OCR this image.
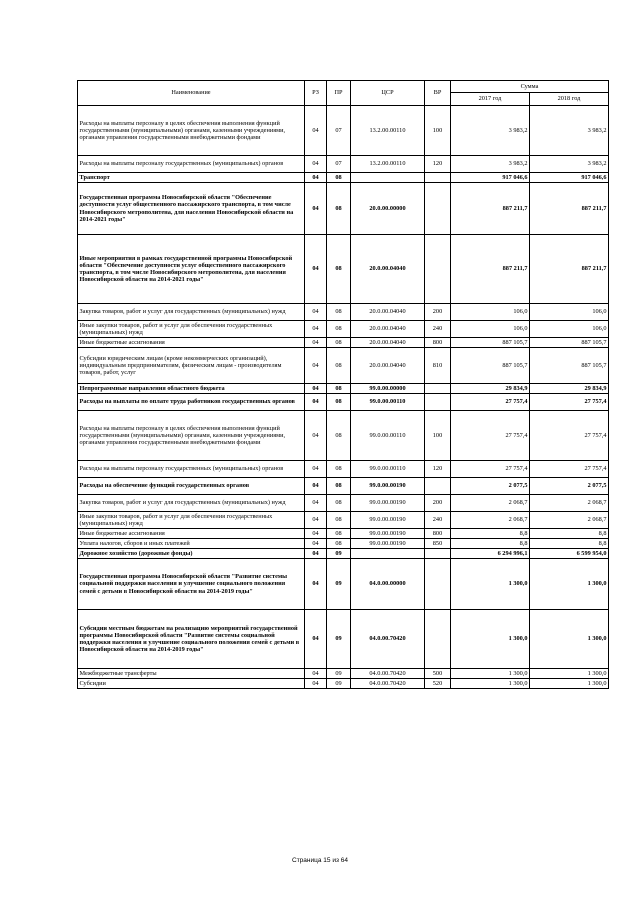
Наименование	РЗ	ПР	ЦСР	ВР	Сумма	
					2017 год	2018 год
Расходы на выплаты персоналу в целях обеспечения выполнения функций государственными (муниципальными) органами, казенными учреждениями, органами управления государственными внебюджетными фондами	04	07	13.2.00.00110	100	3 983,2	3 983,2
Расходы на выплаты персоналу государственных (муниципальных) органов	04	07	13.2.00.00110	120	3 983,2	3 983,2
Транспорт	04	08			917 046,6	917 046,6
Государственная программа Новосибирской области "Обеспечение доступности услуг общественного пассажирского транспорта, в том числе Новосибирского метрополитена, для населения Новосибирской области на 2014-2021 годы"	04	08	20.0.00.00000		887 211,7	887 211,7
Иные мероприятия в рамках государственной программы Новосибирской области "Обеспечение доступности услуг общественного пассажирского транспорта, в том числе Новосибирского метрополитена, для населения Новосибирской области на 2014-2021 годы"	04	08	20.0.00.04040		887 211,7	887 211,7
Закупка товаров, работ и услуг для государственных (муниципальных) нужд	04	08	20.0.00.04040	200	106,0	106,0
Иные закупки товаров, работ и услуг для обеспечения государственных (муниципальных) нужд	04	08	20.0.00.04040	240	106,0	106,0
Иные бюджетные ассигнования	04	08	20.0.00.04040	800	887 105,7	887 105,7
Субсидии юридическим лицам (кроме некоммерческих организаций), индивидуальным предпринимателям, физическим лицам - производителям товаров, работ, услуг	04	08	20.0.00.04040	810	887 105,7	887 105,7
Непрограммные направления областного бюджета	04	08	99.0.00.00000		29 834,9	29 834,9
Расходы на выплаты по оплате труда работников государственных органов	04	08	99.0.00.00110		27 757,4	27 757,4
Расходы на выплаты персоналу в целях обеспечения выполнения функций государственными (муниципальными) органами, казенными учреждениями, органами управления государственными внебюджетными фондами	04	08	99.0.00.00110	100	27 757,4	27 757,4
Расходы на выплаты персоналу государственных (муниципальных) органов	04	08	99.0.00.00110	120	27 757,4	27 757,4
Расходы на обеспечение функций государственных органов	04	08	99.0.00.00190		2 077,5	2 077,5
Закупка товаров, работ и услуг для государственных (муниципальных) нужд	04	08	99.0.00.00190	200	2 068,7	2 068,7
Иные закупки товаров, работ и услуг для обеспечения государственных (муниципальных) нужд	04	08	99.0.00.00190	240	2 068,7	2 068,7
Иные бюджетные ассигнования	04	08	99.0.00.00190	800	8,8	8,8
Уплата налогов, сборов и иных платежей	04	08	99.0.00.00190	850	8,8	8,8
Дорожное хозяйство (дорожные фонды)	04	09			6 294 996,1	6 599 954,0
Государственная программа Новосибирской области "Развитие системы социальной поддержки населения и улучшение социального положения семей с детьми в Новосибирской области на 2014-2019 годы"	04	09	04.0.00.00000		1 300,0	1 300,0
Субсидии местным бюджетам на реализацию мероприятий государственной программы Новосибирской области "Развитие системы социальной поддержки населения и улучшение социального положения семей с детьми в Новосибирской области на 2014-2019 годы"	04	09	04.0.00.70420		1 300,0	1 300,0
Межбюджетные трансферты	04	09	04.0.00.70420	500	1 300,0	1 300,0
Субсидии	04	09	04.0.00.70420	520	1 300,0	1 300,0
Страница 15 из 64
